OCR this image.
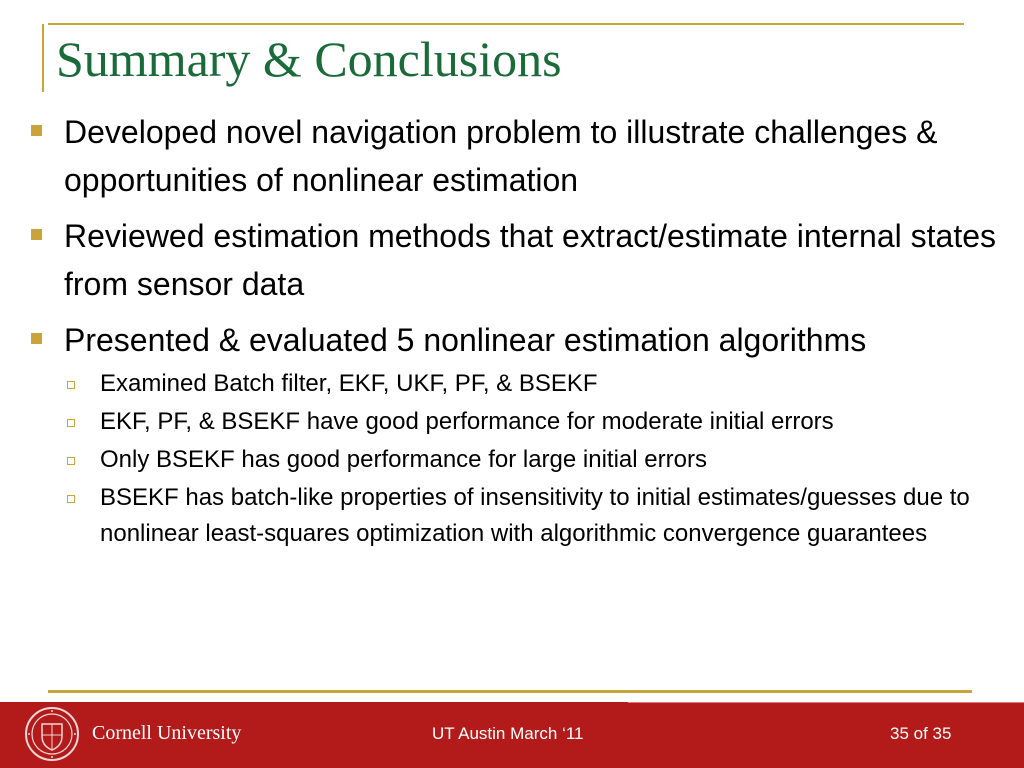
Summary & Conclusions
Developed novel navigation problem to illustrate challenges & opportunities of nonlinear estimation
Reviewed estimation methods that extract/estimate internal states from sensor data
Presented & evaluated 5 nonlinear estimation algorithms
Examined Batch filter, EKF, UKF, PF, & BSEKF
EKF, PF, & BSEKF have good performance for moderate initial errors
Only BSEKF has good performance for large initial errors
BSEKF has batch-like properties of insensitivity to initial estimates/guesses due to nonlinear least-squares optimization with algorithmic convergence guarantees
Cornell University	UT Austin March ‘11	35 of 35
